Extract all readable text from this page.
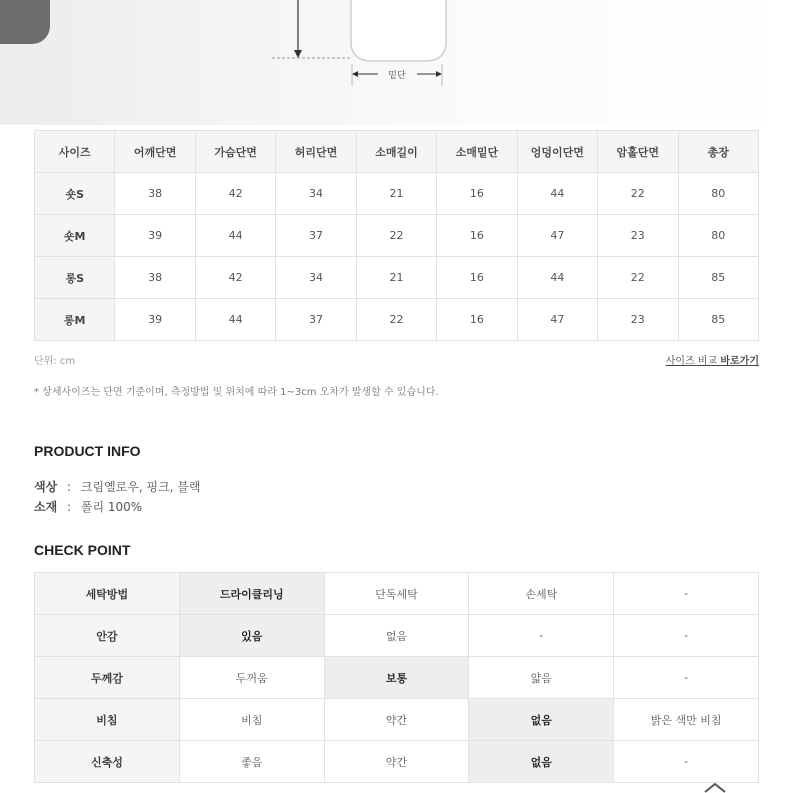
밑단
사이즈	어깨단면	가슴단면	허리단면	소매길이	소매밑단	엉덩이단면	암홀단면	총장
숏S	38	42	34	21	16	44	22	80
숏M	39	44	37	22	16	47	23	80
롱S	38	42	34	21	16	44	22	85
롱M	39	44	37	22	16	47	23	85
단위: cm	사이즈 비교 바로가기
* 상세사이즈는 단면 기준이며, 측정방법 및 위치에 따라 1~3cm 오차가 발생할 수 있습니다.
PRODUCT INFO
색상 : 크림옐로우, 핑크, 블랙
소재 : 폴리 100%
CHECK POINT
세탁방법	드라이클리닝	단독세탁	손세탁	-
안감	있음	없음	-	-
두께감	두꺼움	보통	얇음	-
비침	비침	약간	없음	밝은 색만 비침
신축성	좋음	약간	없음	-
